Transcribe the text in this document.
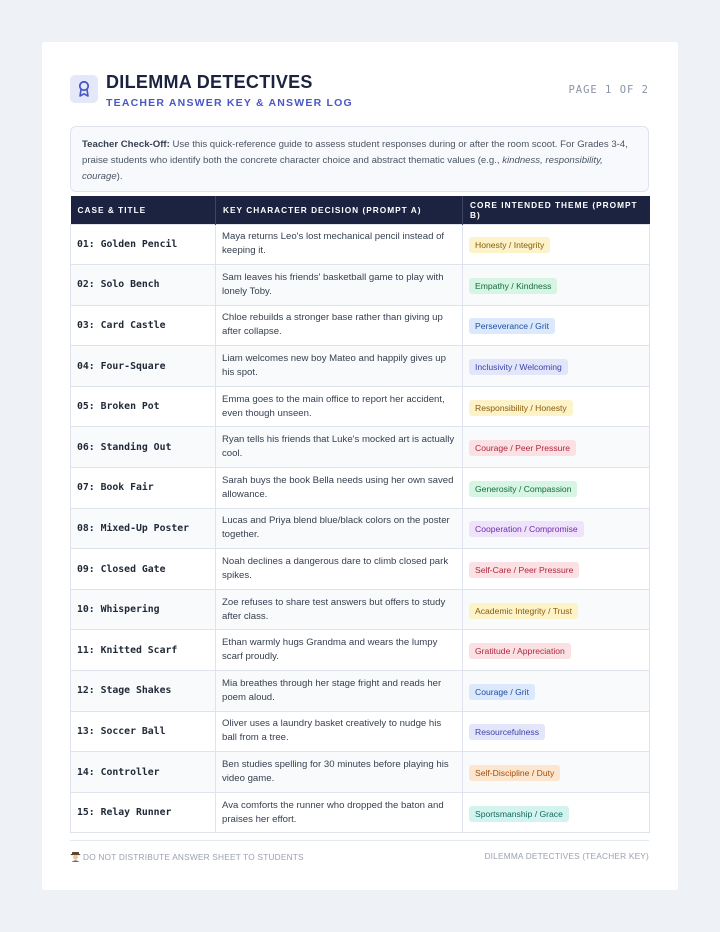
DILEMMA DETECTIVES
TEACHER ANSWER KEY & ANSWER LOG
PAGE 1 OF 2
Teacher Check-Off: Use this quick-reference guide to assess student responses during or after the room scoot. For Grades 3-4, praise students who identify both the concrete character choice and abstract thematic values (e.g., kindness, responsibility, courage).
CASE & TITLE	KEY CHARACTER DECISION (PROMPT A)	CORE INTENDED THEME (PROMPT B)
01: Golden Pencil	Maya returns Leo's lost mechanical pencil instead of keeping it.	Honesty / Integrity
02: Solo Bench	Sam leaves his friends' basketball game to play with lonely Toby.	Empathy / Kindness
03: Card Castle	Chloe rebuilds a stronger base rather than giving up after collapse.	Perseverance / Grit
04: Four-Square	Liam welcomes new boy Mateo and happily gives up his spot.	Inclusivity / Welcoming
05: Broken Pot	Emma goes to the main office to report her accident, even though unseen.	Responsibility / Honesty
06: Standing Out	Ryan tells his friends that Luke's mocked art is actually cool.	Courage / Peer Pressure
07: Book Fair	Sarah buys the book Bella needs using her own saved allowance.	Generosity / Compassion
08: Mixed-Up Poster	Lucas and Priya blend blue/black colors on the poster together.	Cooperation / Compromise
09: Closed Gate	Noah declines a dangerous dare to climb closed park spikes.	Self-Care / Peer Pressure
10: Whispering	Zoe refuses to share test answers but offers to study after class.	Academic Integrity / Trust
11: Knitted Scarf	Ethan warmly hugs Grandma and wears the lumpy scarf proudly.	Gratitude / Appreciation
12: Stage Shakes	Mia breathes through her stage fright and reads her poem aloud.	Courage / Grit
13: Soccer Ball	Oliver uses a laundry basket creatively to nudge his ball from a tree.	Resourcefulness
14: Controller	Ben studies spelling for 30 minutes before playing his video game.	Self-Discipline / Duty
15: Relay Runner	Ava comforts the runner who dropped the baton and praises her effort.	Sportsmanship / Grace
DO NOT DISTRIBUTE ANSWER SHEET TO STUDENTS	DILEMMA DETECTIVES (TEACHER KEY)
